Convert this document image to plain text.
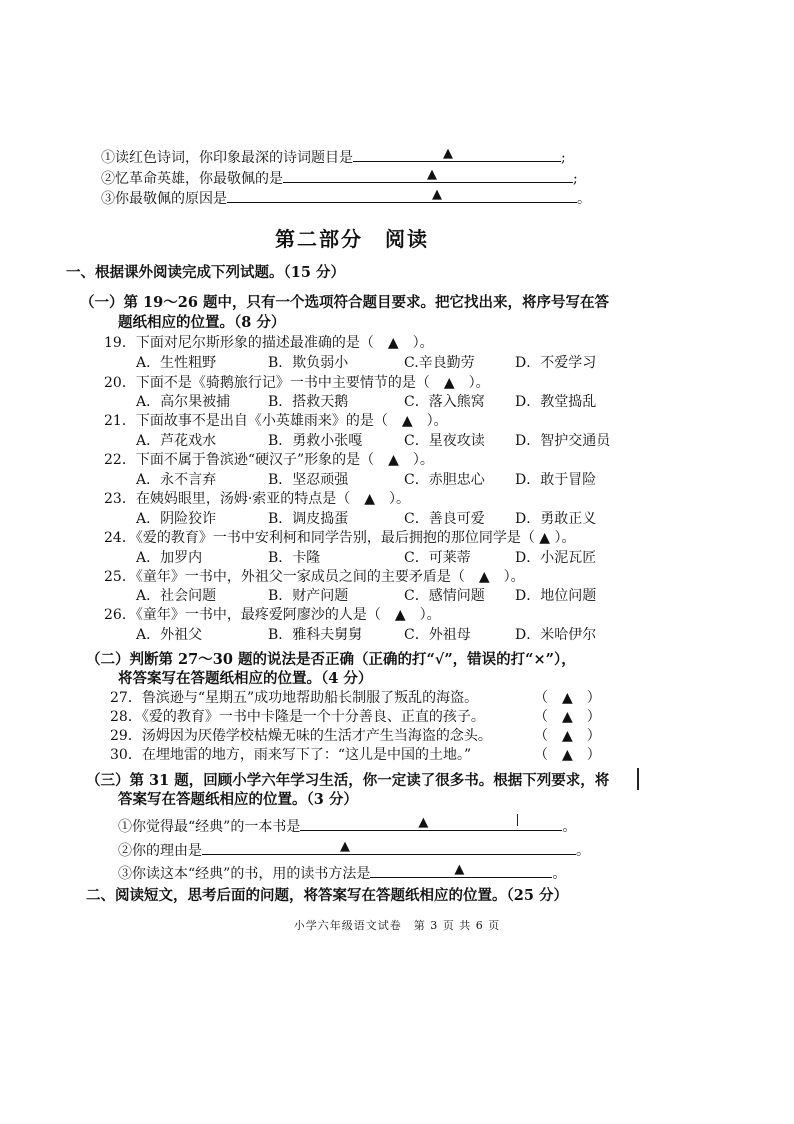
①读红色诗词，你印象最深的诗词题目是	▲	;
②忆革命英雄，你最敬佩的是	▲	;
③你最敬佩的原因是	▲	。
第二部分　阅读
一、根据课外阅读完成下列试题。（15 分）
（一）第 19～26 题中，只有一个选项符合题目要求。把它找出来，将序号写在答
题纸相应的位置。（8 分）
19．下面对尼尔斯形象的描述最准确的是（　▲　）。
A．生性粗野	B．欺负弱小	C.辛良勤劳	D．不爱学习
20．下面不是《骑鹅旅行记》一书中主要情节的是（　▲　）。
A．高尔果被捕	B．搭救天鹅	C．落入熊窝 D．教堂捣乱
21．下面故事不是出自《小英雄雨来》的是（　▲　）。
A．芦花戏水	B．勇救小张嘎	C．星夜攻读 D．智护交通员
22．下面不属于鲁滨逊“硬汉子”形象的是（　▲　）。
A．永不言弃	B．坚忍顽强	C．赤胆忠心 D．敢于冒险
23．在姨妈眼里，汤姆·索亚的特点是（　▲　）。
A．阴险狡诈	B．调皮捣蛋	C．善良可爱 D．勇敢正义
24．《爱的教育》一书中安利柯和同学告别，最后拥抱的那位同学是（ ▲ ）。
A．加罗内	B．卡隆	C．可莱蒂	D．小泥瓦匠
25．《童年》一书中，外祖父一家成员之间的主要矛盾是（　▲　）。
A．社会问题	B．财产问题	C．感情问题 D．地位问题
26．《童年》一书中，最疼爱阿廖沙的人是（　▲　）。
A．外祖父	B．雅科夫舅舅	C．外祖母	D．米哈伊尔
（二）判断第 27～30 题的说法是否正确（正确的打“√”，错误的打“×”），
将答案写在答题纸相应的位置。（4 分）
27．鲁滨逊与“星期五”成功地帮助船长制服了叛乱的海盗。	（　▲　）
28．《爱的教育》一书中卡隆是一个十分善良、正直的孩子。	（　▲　）
29．汤姆因为厌倦学校枯燥无味的生活才产生当海盗的念头。	（　▲　）
30．在埋地雷的地方，雨来写下了：“这儿是中国的土地。”	（　▲　）
（三）第 31 题，回顾小学六年学习生活，你一定读了很多书。根据下列要求，将
答案写在答题纸相应的位置。（3 分）
①你觉得最“经典”的一本书是	▲	。
②你的理由是	▲	。
③你读这本“经典”的书，用的读书方法是	▲	。
二、阅读短文，思考后面的问题，将答案写在答题纸相应的位置。（25 分）
小学六年级语文试卷　第 3 页 共 6 页
